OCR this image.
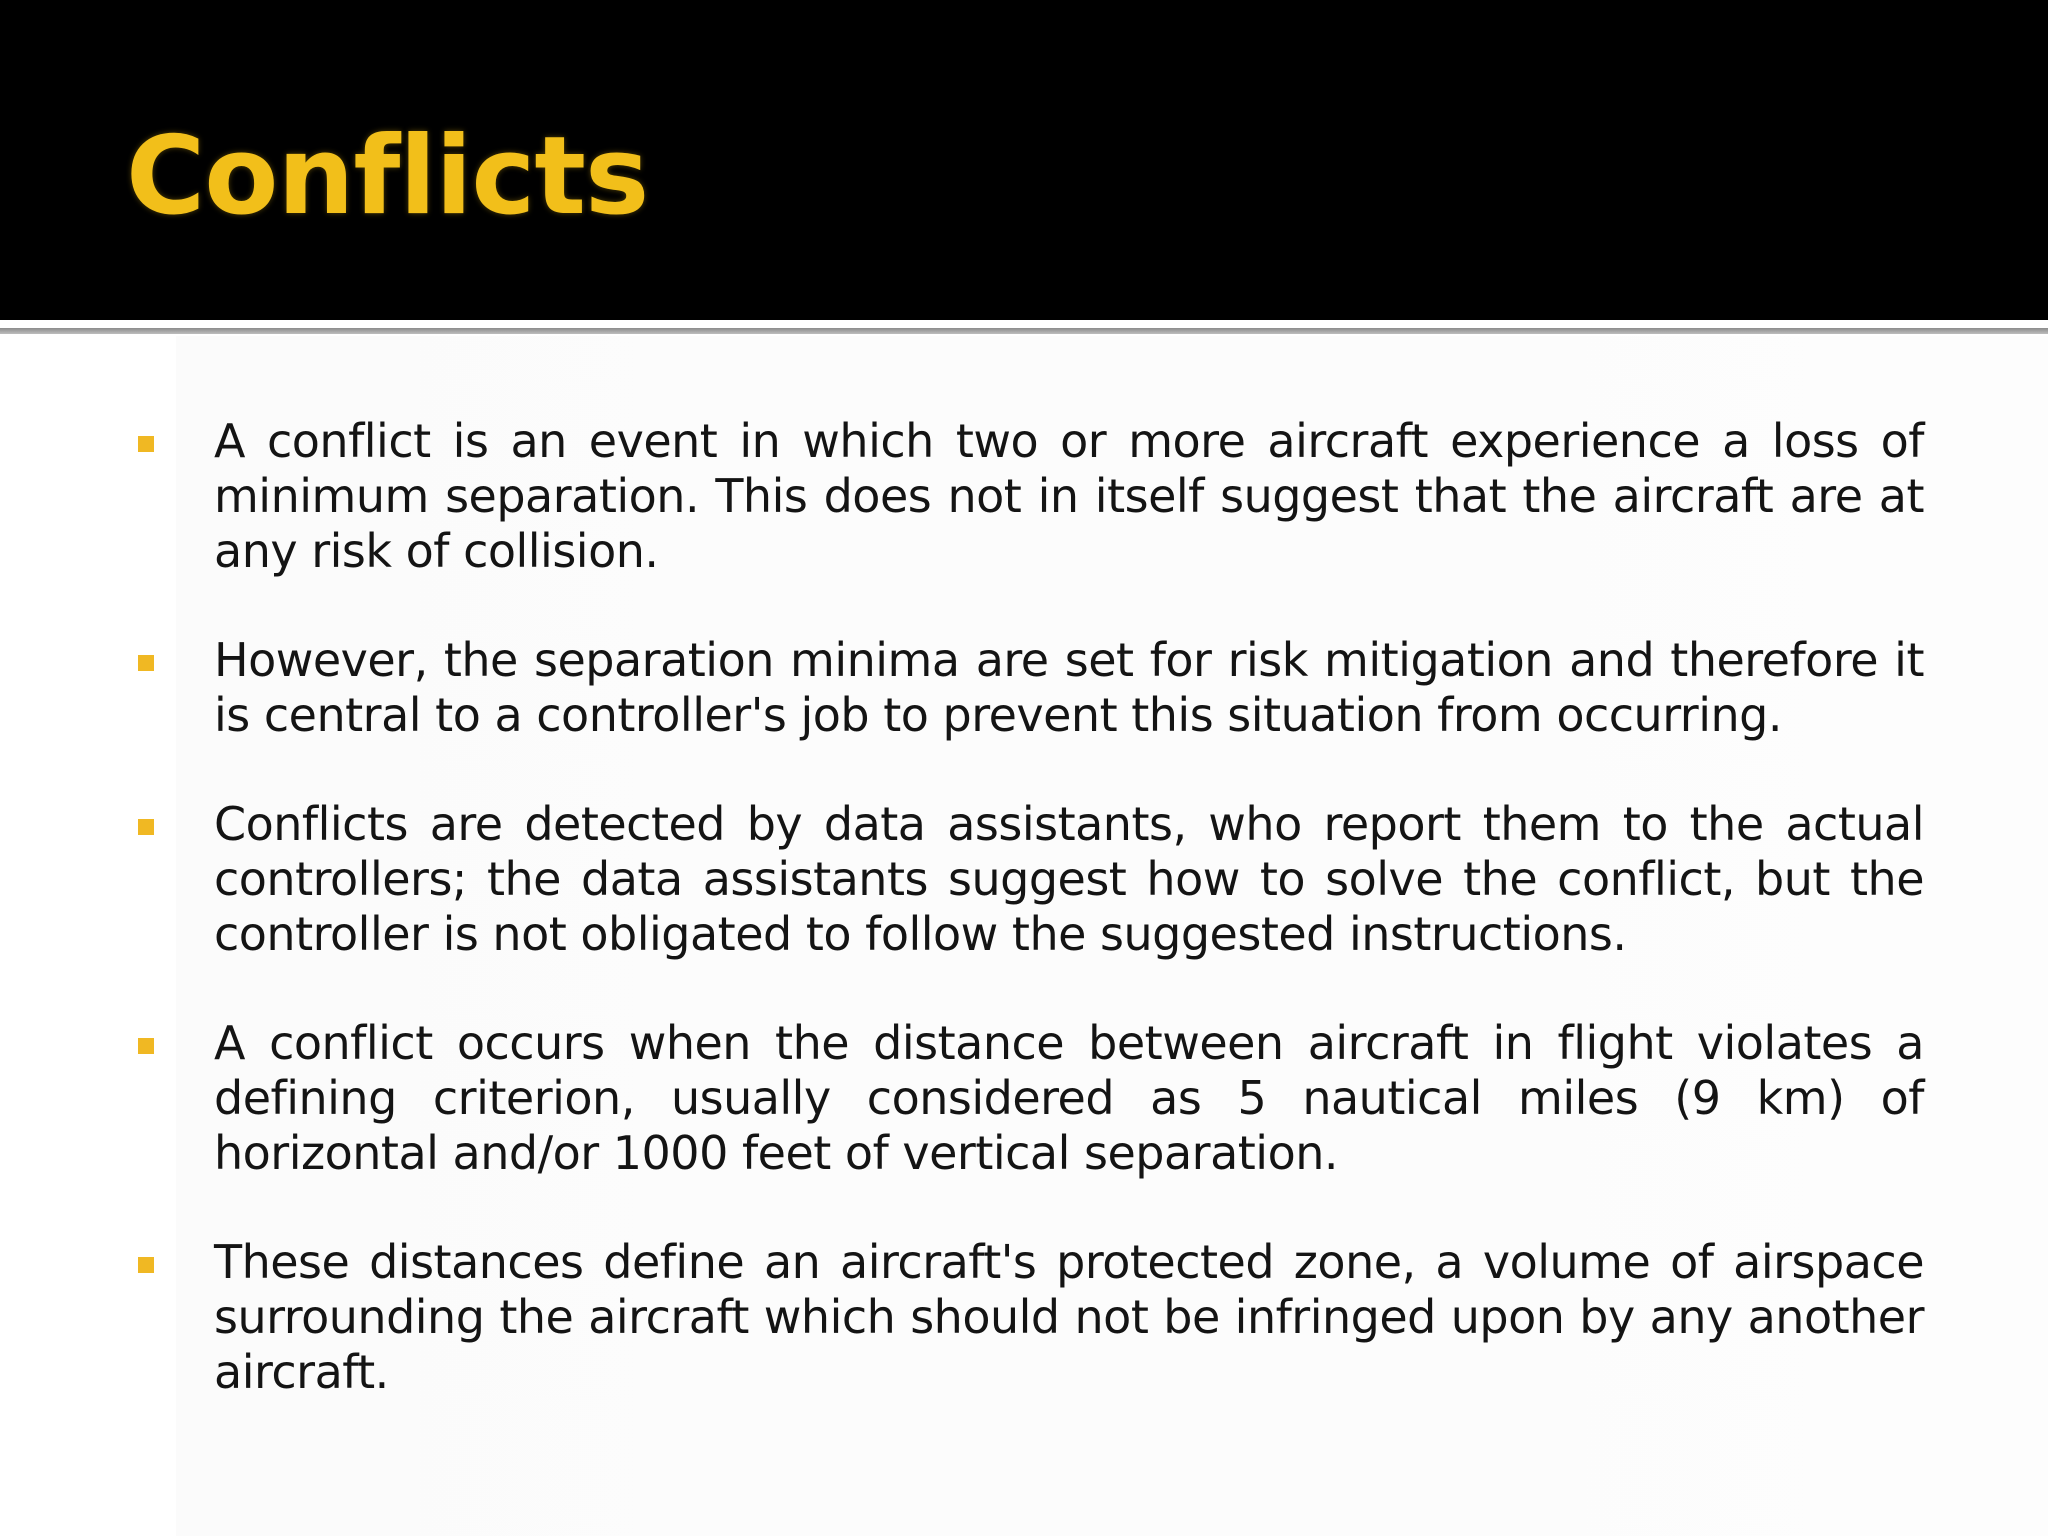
Conflicts

A conflict is an event in which two or more aircraft experience a loss of minimum separation. This does not in itself suggest that the aircraft are at any risk of collision.

However, the separation minima are set for risk mitigation and therefore it is central to a controller's job to prevent this situation from occurring.

Conflicts are detected by data assistants, who report them to the actual controllers; the data assistants suggest how to solve the conflict, but the controller is not obligated to follow the suggested instructions.

A conflict occurs when the distance between aircraft in flight violates a defining criterion, usually considered as 5 nautical miles (9 km) of horizontal and/or 1000 feet of vertical separation.

These distances define an aircraft's protected zone, a volume of airspace surrounding the aircraft which should not be infringed upon by any another aircraft.
